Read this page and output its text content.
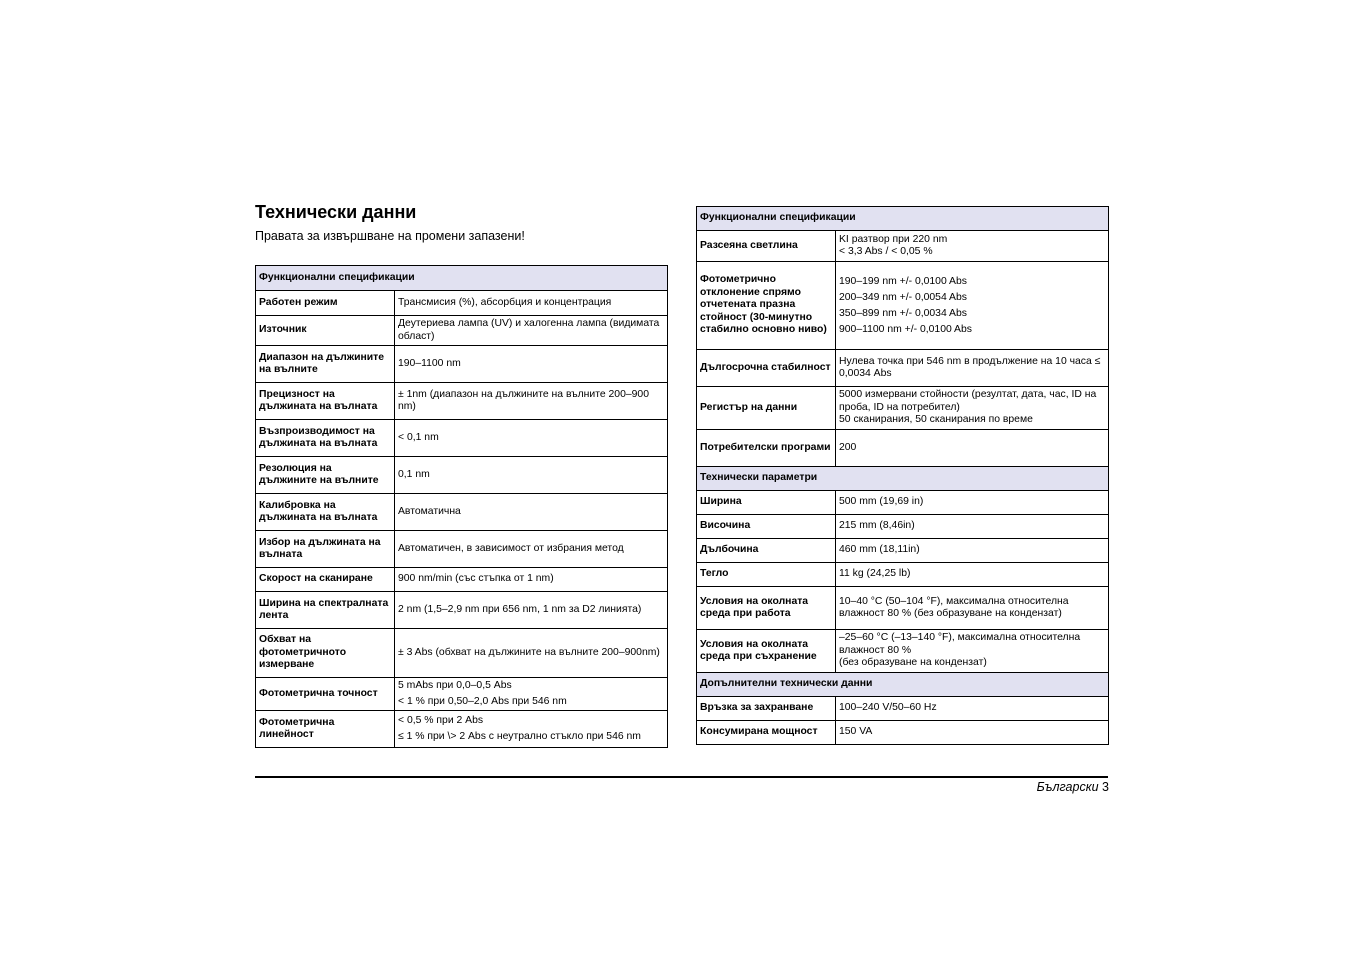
Технически данни

Правата за извършване на промени запазени!

Функционални спецификации	
Работен режим	Трансмисия (%), абсорбция и концентрация
Източник	Деутериева лампа (UV) и халогенна лампа (видимата област)
Диапазон на дължините на вълните	190–1100 nm
Прецизност на дължината на вълната	± 1nm (диапазон на дължините на вълните 200–900 nm)
Възпроизводимост на дължината на вълната	< 0,1 nm
Резолюция на дължините на вълните	0,1 nm
Калибровка на дължината на вълната	Автоматична
Избор на дължината на вълната	Автоматичен, в зависимост от избрания метод
Скорост на сканиране	900 nm/min (със стъпка от 1 nm)
Ширина на спектралната лента	2 nm (1,5–2,9 nm при 656 nm, 1 nm за D2 линията)
Обхват на фотометричното измерване	± 3 Abs (обхват на дължините на вълните 200–900nm)
Фотометрична точност	5 mAbs при 0,0–0,5 Abs
< 1 % при 0,50–2,0 Abs при 546 nm

Фотометрична линейност	< 0,5 % при 2 Abs
≤ 1 % при \> 2 Abs с неутрално стъкло при 546 nm
Функционални спецификации	
Разсеяна светлина	KI разтвор при 220 nm
< 3,3 Abs / < 0,05 %

Фотометрично отклонение спрямо отчетената празна стойност (30-минутно стабилно основно ниво)	190–199 nm +/- 0,0100 Abs
200–349 nm +/- 0,0054 Abs
350–899 nm +/- 0,0034 Abs
900–1100 nm +/- 0,0100 Abs

Дългосрочна стабилност	Нулева точка при 546 nm в продължение на 10 часа ≤ 0,0034 Abs
Регистър на данни	5000 измервани стойности (резултат, дата, час, ID на проба, ID на потребител)
50 сканирания, 50 сканирания по време

Потребителски програми	200
Технически параметри	
Ширина	500 mm (19,69 in)
Височина	215 mm (8,46in)
Дълбочина	460 mm (18,11in)
Тегло	11 kg (24,25 lb)
Условия на околната среда при работа	10–40 °C (50–104 °F), максимална относителна влажност 80 % (без образуване на кондензат)
Условия на околната среда при съхранение	–25–60 °C (–13–140 °F), максимална относителна влажност 80 %
(без образуване на кондензат)

Допълнителни технически данни	
Връзка за захранване	100–240 V/50–60 Hz
Консумирана мощност	150 VA
Български 3
